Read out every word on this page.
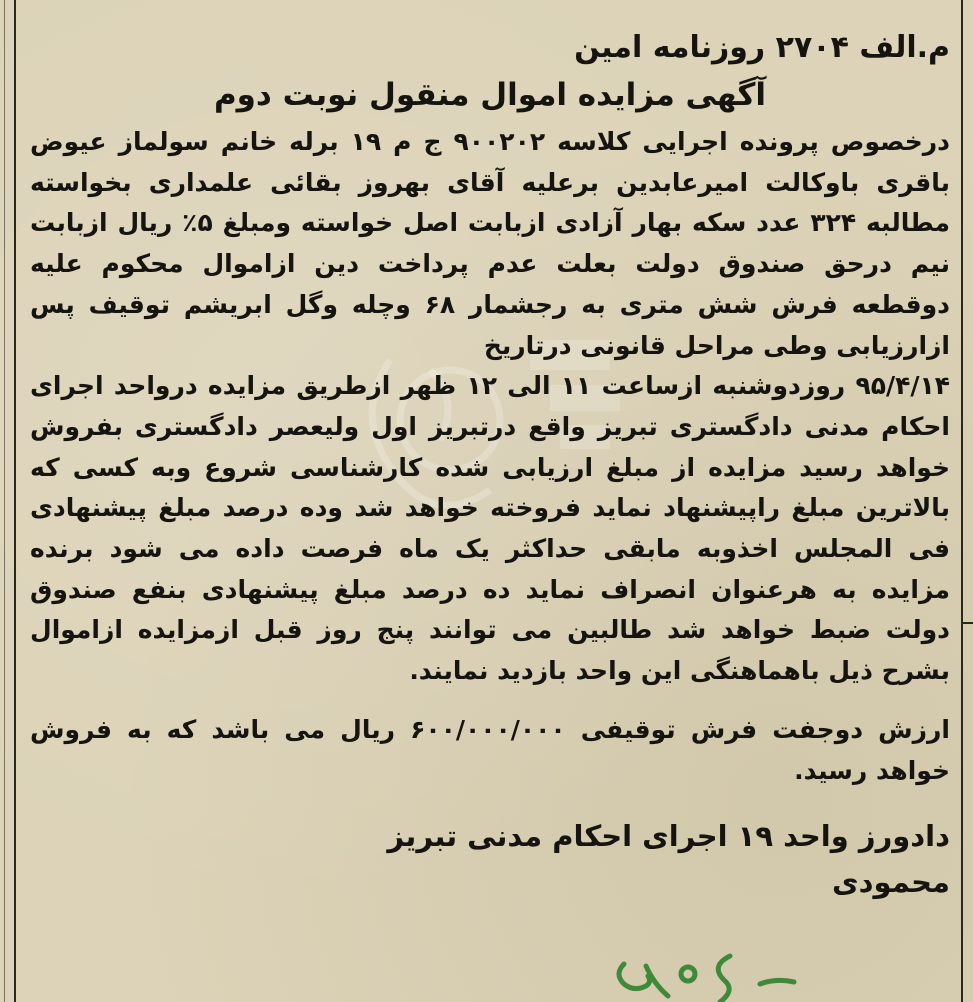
م.الف ۲۷۰۴ روزنامه امین

آگهی مزایده اموال منقول نوبت دوم

درخصوص پرونده اجرایی کلاسه ۹۰۰۲۰۲ ج م ۱۹ برله خانم سولماز عیوض باقری باوکالت امیرعابدین برعلیه آقای بهروز بقائی علمداری بخواسته مطالبه ۳۲۴ عدد سکه بهار آزادی ازبابت اصل خواسته ومبلغ ۵٪ ریال ازبابت نیم درحق صندوق دولت بعلت عدم پرداخت دین ازاموال محکوم علیه دوقطعه فرش شش متری به رجشمار ۶۸ وچله وگل ابریشم توقیف پس ازارزیابی وطی مراحل قانونی درتاریخ

۹۵/۴/۱۴ روزدوشنبه ازساعت ۱۱ الی ۱۲ ظهر ازطریق مزایده درواحد اجرای احکام مدنی دادگستری تبریز واقع درتبریز اول ولیعصر دادگستری بفروش خواهد رسید مزایده از مبلغ ارزیابی شده کارشناسی شروع وبه کسی که بالاترین مبلغ راپیشنهاد نماید فروخته خواهد شد وده درصد مبلغ پیشنهادی فی المجلس اخذوبه مابقی حداکثر یک ماه فرصت داده می شود برنده مزایده به هرعنوان انصراف نماید ده درصد مبلغ پیشنهادی بنفع صندوق دولت ضبط خواهد شد طالبین می توانند پنج روز قبل ازمزایده ازاموال بشرح ذیل باهماهنگی این واحد بازدید نمایند.

ارزش دوجفت فرش توقیفی ۶۰۰/۰۰۰/۰۰۰ ریال می باشد که به فروش خواهد رسید.

دادورز واحد ۱۹ اجرای احکام مدنی تبریز

محمودی
